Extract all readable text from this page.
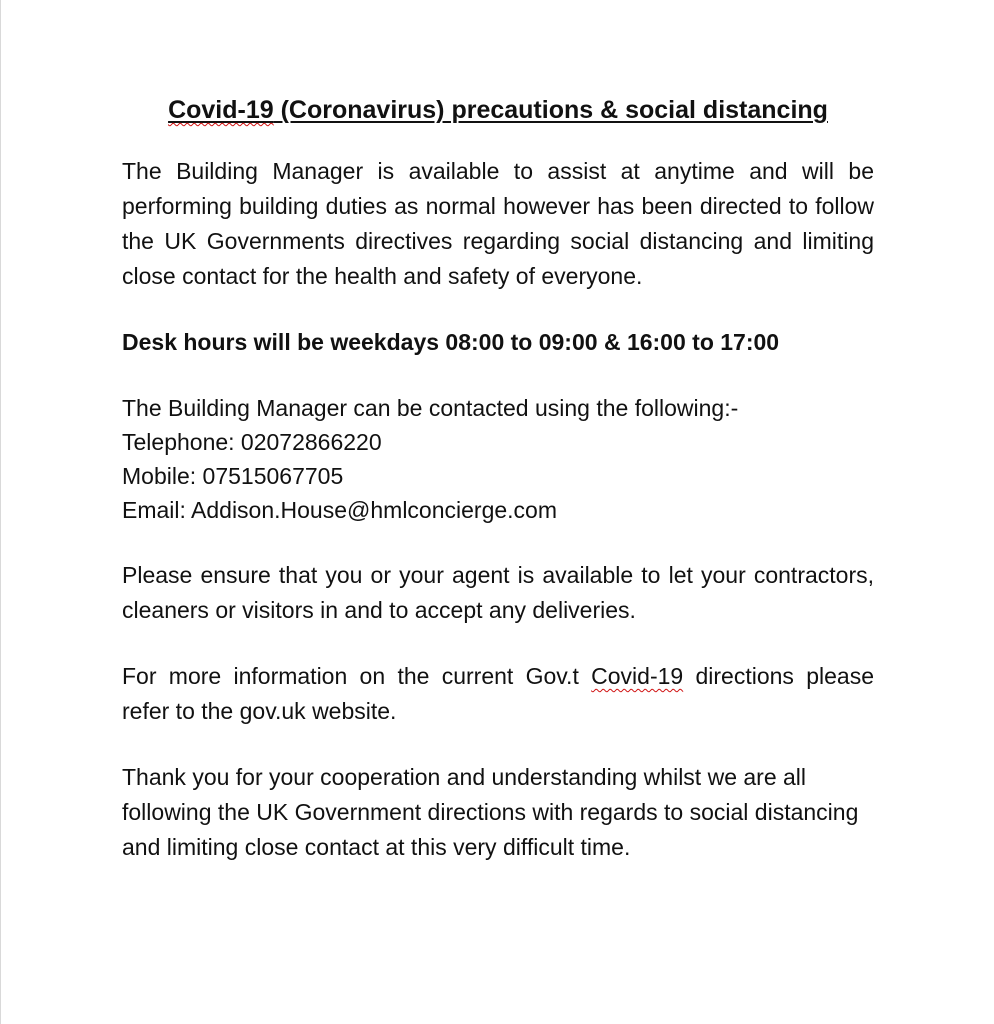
Covid-19 (Coronavirus) precautions & social distancing

The Building Manager is available to assist at anytime and will be performing building duties as normal however has been directed to follow the UK Governments directives regarding social distancing and limiting close contact for the health and safety of everyone.

Desk hours will be weekdays 08:00 to 09:00 & 16:00 to 17:00

The Building Manager can be contacted using the following:-
Telephone: 02072866220
Mobile: 07515067705
Email: Addison.House@hmlconcierge.com

Please ensure that you or your agent is available to let your contractors, cleaners or visitors in and to accept any deliveries.

For more information on the current Gov.t Covid-19 directions please refer to the gov.uk website.

Thank you for your cooperation and understanding whilst we are all following the UK Government directions with regards to social distancing and limiting close contact at this very difficult time.
